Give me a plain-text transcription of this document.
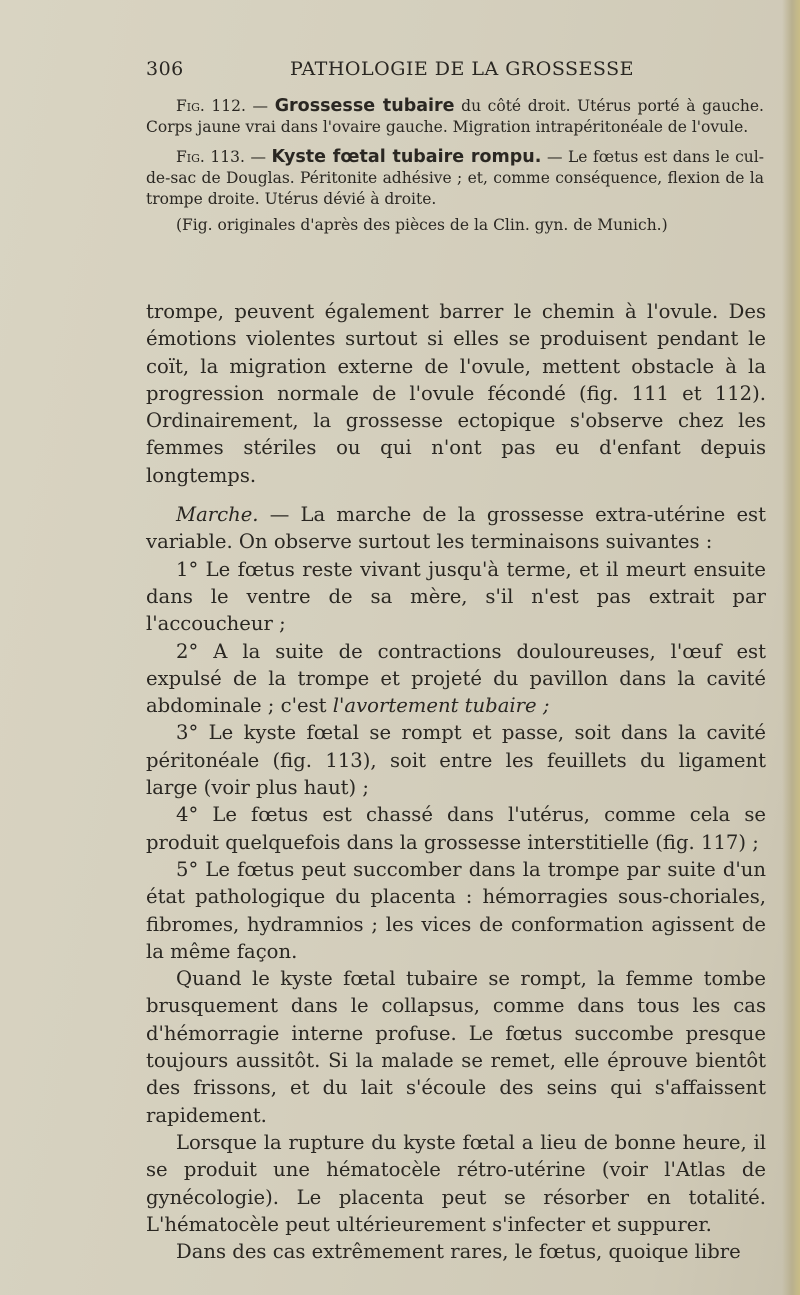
306	PATHOLOGIE DE LA GROSSESSE

Fig. 112. — Grossesse tubaire du côté droit. Utérus porté à gauche. Corps jaune vrai dans l'ovaire gauche. Migration intrapéritonéale de l'ovule.

Fig. 113. — Kyste fœtal tubaire rompu. — Le fœtus est dans le cul-de-sac de Douglas. Péritonite adhésive ; et, comme conséquence, flexion de la trompe droite. Utérus dévié à droite.

(Fig. originales d'après des pièces de la Clin. gyn. de Munich.)

trompe, peuvent également barrer le chemin à l'ovule. Des émotions violentes surtout si elles se produisent pendant le coït, la migration externe de l'ovule, mettent obstacle à la progression normale de l'ovule fécondé (fig. 111 et 112). Ordinairement, la grossesse ectopique s'observe chez les femmes stériles ou qui n'ont pas eu d'enfant depuis longtemps.

Marche. — La marche de la grossesse extra-utérine est variable. On observe surtout les terminaisons suivantes :

1° Le fœtus reste vivant jusqu'à terme, et il meurt ensuite dans le ventre de sa mère, s'il n'est pas extrait par l'accoucheur ;

2° A la suite de contractions douloureuses, l'œuf est expulsé de la trompe et projeté du pavillon dans la cavité abdominale ; c'est l'avortement tubaire ;

3° Le kyste fœtal se rompt et passe, soit dans la cavité péritonéale (fig. 113), soit entre les feuillets du ligament large (voir plus haut) ;

4° Le fœtus est chassé dans l'utérus, comme cela se produit quelquefois dans la grossesse interstitielle (fig. 117) ;

5° Le fœtus peut succomber dans la trompe par suite d'un état pathologique du placenta : hémorragies sous-choriales, fibromes, hydramnios ; les vices de conformation agissent de la même façon.

Quand le kyste fœtal tubaire se rompt, la femme tombe brusquement dans le collapsus, comme dans tous les cas d'hémorragie interne profuse. Le fœtus succombe presque toujours aussitôt. Si la malade se remet, elle éprouve bientôt des frissons, et du lait s'écoule des seins qui s'affaissent rapidement.

Lorsque la rupture du kyste fœtal a lieu de bonne heure, il se produit une hématocèle rétro-utérine (voir l'Atlas de gynécologie). Le placenta peut se résorber en totalité. L'hématocèle peut ultérieurement s'infecter et suppurer.

Dans des cas extrêmement rares, le fœtus, quoique libre
